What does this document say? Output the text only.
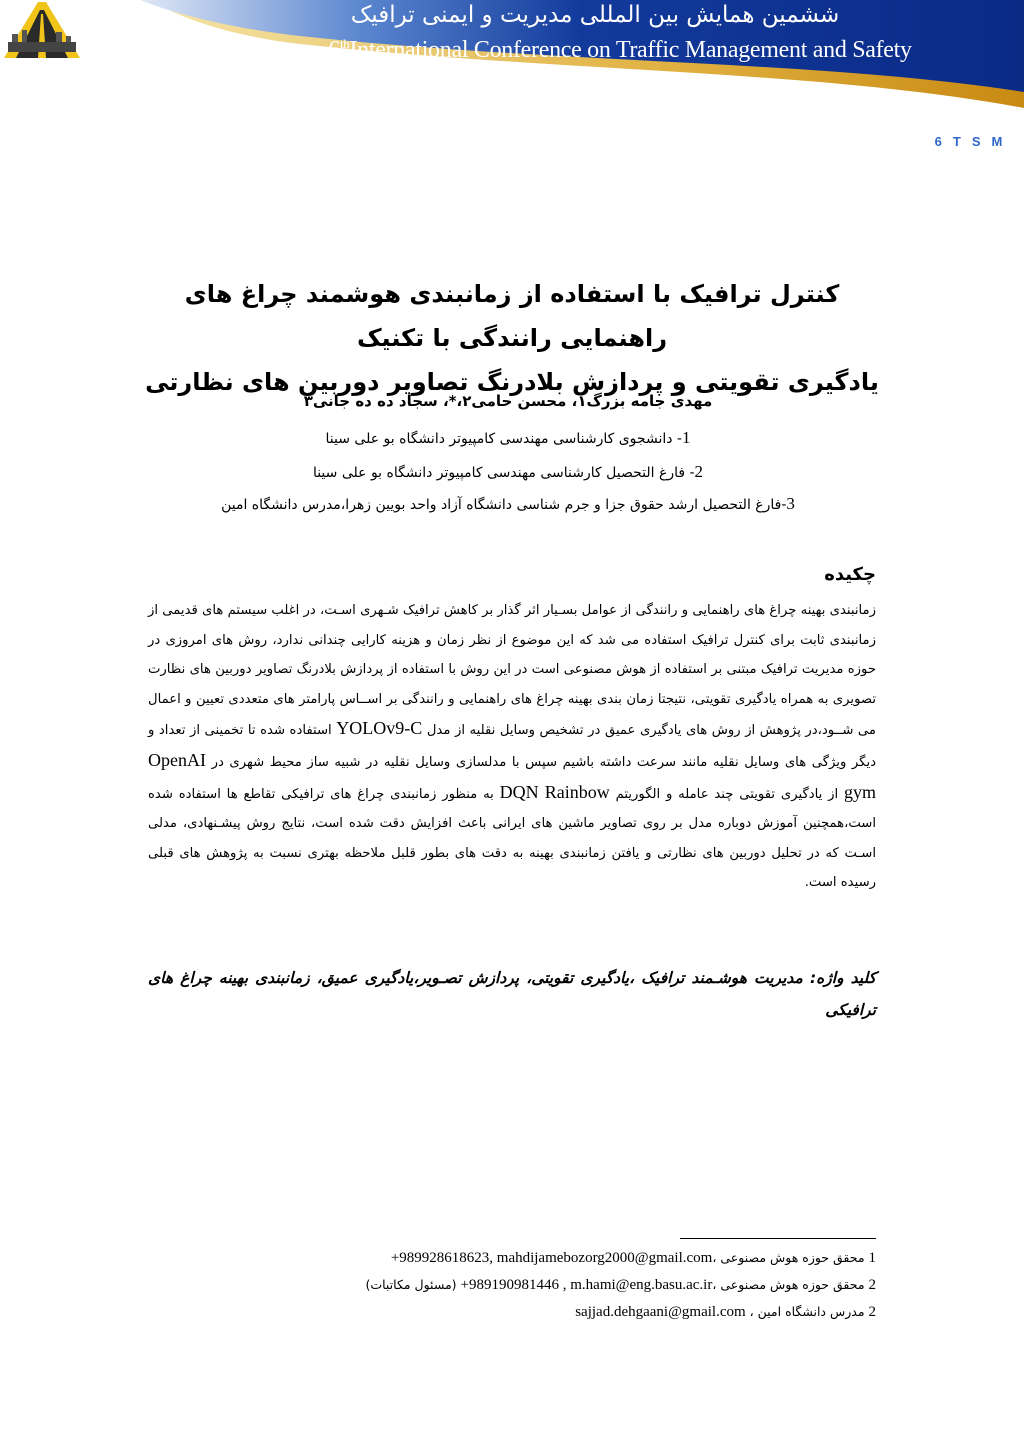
ششمین همایش بین المللی مدیریت و ایمنی ترافیک
6thInternational Conference on Traffic Management and Safety
6TSM
کنترل ترافیک با استفاده از زمانبندی هوشمند چراغ های راهنمایی رانندگی با تکنیک
یادگیری تقویتی و پردازش بلادرنگ تصاویر دوربین های نظارتی
مهدی جامه بزرگ۱، محسن حامی۲،*، سجاد ده ده جانی۳
1- دانشجوی کارشناسی مهندسی کامپیوتر دانشگاه بو علی سینا
2- فارغ التحصیل کارشناسی مهندسی کامپیوتر دانشگاه بو علی سینا
3-فارغ التحصیل ارشد حقوق جزا و جرم شناسی دانشگاه آزاد واحد بویین زهرا،مدرس دانشگاه امین
چکیده
زمانبندی بهینه چراغ های راهنمایی و رانندگی از عوامل بسـیار اثر گذار بر کاهش ترافیک شـهری اسـت، در اغلب سیستم های قدیمی از زمانبندی ثابت برای کنترل ترافیک استفاده می شد که این موضوع از نظر زمان و هزینه کارایی چندانی ندارد، روش های امروزی در حوزه مدیریت ترافیک مبتنی بر استفاده از هوش مصنوعی است در این روش با استفاده از پردازش بلادرنگ تصاویر دوربین های نظارت تصویری به همراه یادگیری تقویتی، نتیجتا زمان بندی بهینه چراغ های راهنمایی و رانندگی بر اســاس پارامتر های متعددی تعیین و اعمال می شــود،در پژوهش از روش های یادگیری عمیق در تشخیص وسایل نقلیه از مدل YOLOv9-C استفاده شده تا تخمینی از تعداد و دیگر ویژگی های وسایل نقلیه مانند سرعت داشته باشیم سپس با مدلسازی وسایل نقلیه در شبیه ساز محیط شهری در OpenAI gym از یادگیری تقویتی چند عامله و الگوریتم DQN Rainbow به منظور زمانبندی چراغ های ترافیکی تقاطع ها استفاده شده است،همچنین آموزش دوباره مدل بر روی تصاویر ماشین های ایرانی باعث افزایش دقت شده است، نتایج روش پیشـنهادی، مدلی اسـت که در تحلیل دوربین های نظارتی و یافتن زمانبندی بهینه به دقت های بطور قلبل ملاحظه بهتری نسبت به پژوهش های قبلی رسیده است.
کلید واژه: مدیریت هوشـمند ترافیک ،یادگیری تقویتی، پردازش تصـویر،یادگیری عمیق، زمانبندی بهینه چراغ های ترافیکی
1 محقق حوزه هوش مصنوعی ،+989928618623, mahdijamebozorg2000@gmail.com
2 محقق حوزه هوش مصنوعی ،+989190981446 , m.hami@eng.basu.ac.ir (مسئول مکاتبات)
2 مدرس دانشگاه امین ، sajjad.dehgaani@gmail.com
